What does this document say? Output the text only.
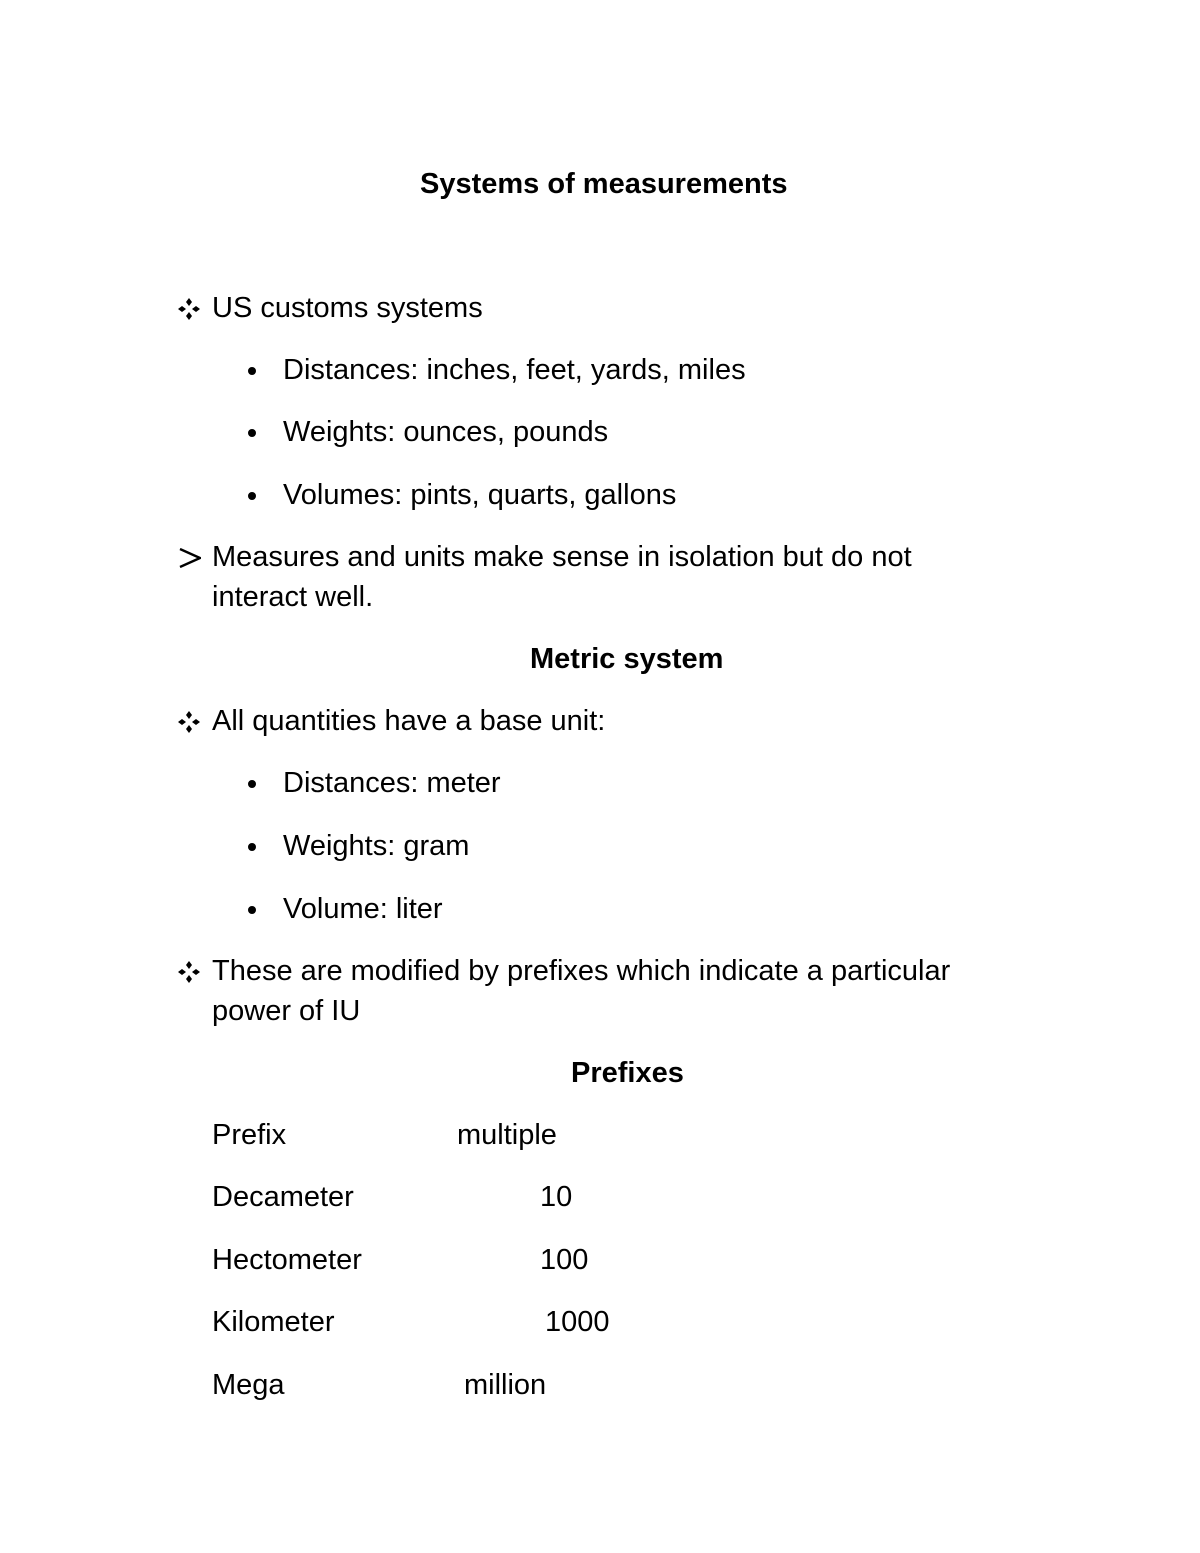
Systems of measurements
US customs systems
Distances: inches, feet, yards, miles
Weights: ounces, pounds
Volumes: pints, quarts, gallons
Measures and units make sense in isolation but do not
interact well.
Metric system
All quantities have a base unit:
Distances: meter
Weights: gram
Volume: liter
These are modified by prefixes which indicate a particular
power of IU
Prefixes
Prefix	multiple
Decameter	10
Hectometer	100
Kilometer	1000
Mega	million
